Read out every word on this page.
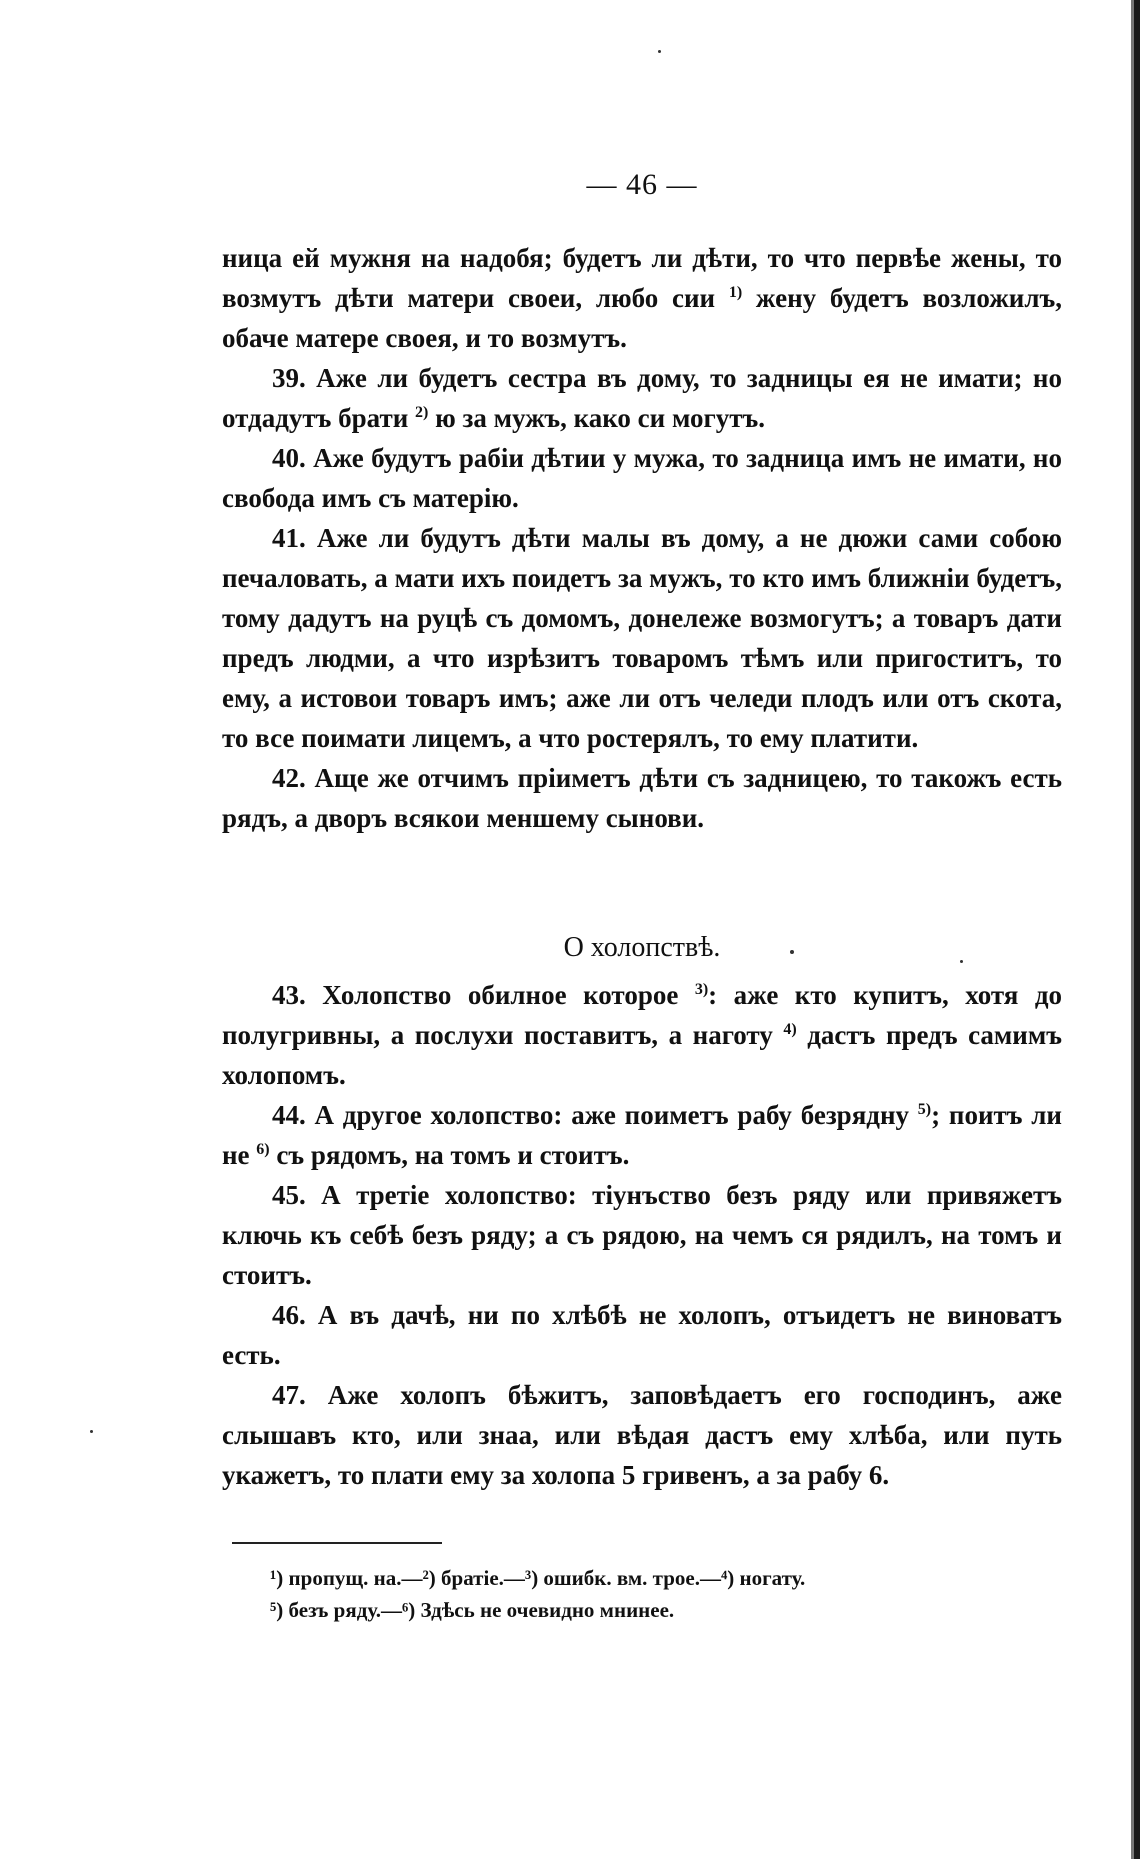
— 46 —

ница ей мужня на надобя; будетъ ли дѣти, то что первѣе жены, то возмутъ дѣти матери своеи, любо сии $^{1)}$ жену будетъ возложилъ, обаче матере своея, и то возмутъ.

39. Аже ли будетъ сестра въ дому, то задницы ея не имати; но отдадутъ брати $^{2)}$ ю за мужъ, како си могутъ.

40. Аже будутъ рабіи дѣтии у мужа, то задница имъ не имати, но свобода имъ съ матерію.

41. Аже ли будутъ дѣти малы въ дому, а не дюжи сами собою печаловать, а мати ихъ поидетъ за мужъ, то кто имъ ближніи будетъ, тому дадутъ на руцѣ съ домомъ, донележе возмогутъ; а товаръ дати предъ людми, а что изрѣзитъ товаромъ тѣмъ или пригоститъ, то ему, а истовои товаръ имъ; аже ли отъ челеди плодъ или отъ скота, то все поимати лицемъ, а что ростерялъ, то ему платити.

42. Аще же отчимъ пріиметъ дѣти съ задницею, то такожъ есть рядъ, а дворъ всякои меншему сынови.

О холопствѣ.

43. Холопство обилное которое $^{3)}$: аже кто купитъ, хотя до полугривны, а послухи поставитъ, а наготу $^{4)}$ дастъ предъ самимъ холопомъ.

44. А другое холопство: аже поиметъ рабу безрядну $^{5)}$; поитъ ли не $^{6)}$ съ рядомъ, на томъ и стоитъ.

45. А третіе холопство: тіунъство безъ ряду или привяжетъ ключь къ себѣ безъ ряду; а съ рядою, на чемъ ся рядилъ, на томъ и стоитъ.

46. А въ дачѣ, ни по хлѣбѣ не холопъ, отъидетъ не виноватъ есть.

47. Аже холопъ бѣжитъ, заповѣдаетъ его господинъ, аже слышавъ кто, или знаа, или вѣдая дастъ ему хлѣба, или путь укажетъ, то плати ему за холопа 5 гривенъ, а за рабу 6.

¹) пропущ. на.—²) братіе.—³) ошибк. вм. трое.—⁴) ногату.
⁵) безъ ряду.—⁶) Здѣсь не очевидно мнинее.
